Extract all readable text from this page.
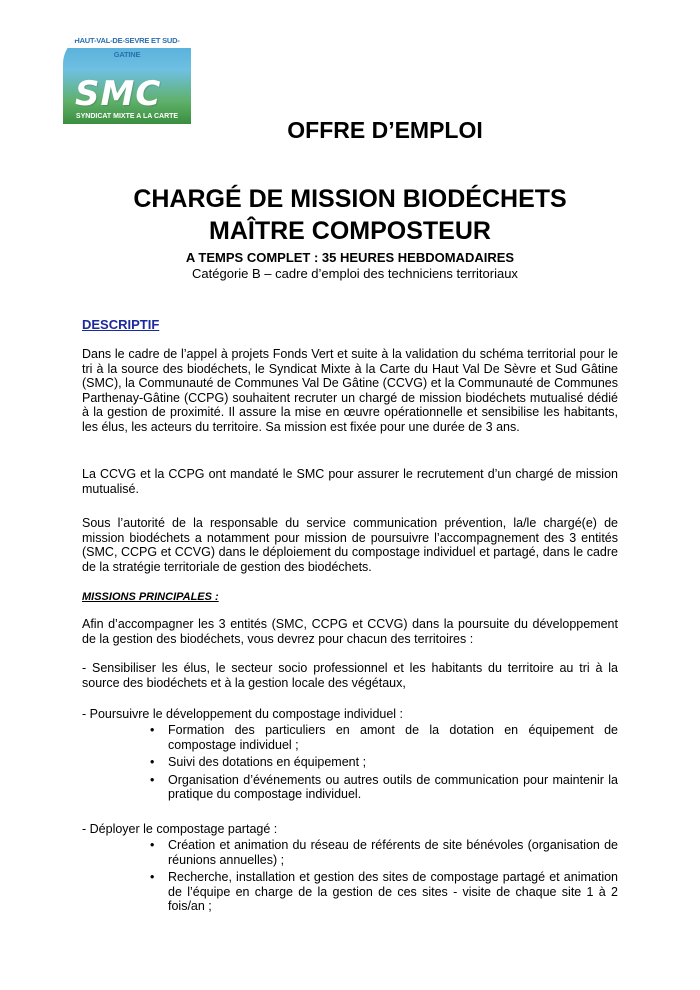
HAUT-VAL-DE-SEVRE ET SUD-GATINE
SMC
SYNDICAT MIXTE A LA CARTE
OFFRE D’EMPLOI
CHARGÉ DE MISSION BIODÉCHETS
MAÎTRE COMPOSTEUR
A TEMPS COMPLET : 35 HEURES HEBDOMADAIRES
Catégorie B – cadre d’emploi des techniciens territoriaux
DESCRIPTIF
Dans le cadre de l’appel à projets Fonds Vert et suite à la validation du schéma territorial pour le tri à la source des biodéchets, le Syndicat Mixte à la Carte du Haut Val De Sèvre et Sud Gâtine (SMC), la Communauté de Communes Val De Gâtine (CCVG) et la Communauté de Communes Parthenay-Gâtine (CCPG) souhaitent recruter un chargé de mission biodéchets mutualisé dédié à la gestion de proximité. Il assure la mise en œuvre opérationnelle et sensibilise les habitants, les élus, les acteurs du territoire. Sa mission est fixée pour une durée de 3 ans.
La CCVG et la CCPG ont mandaté le SMC pour assurer le recrutement d’un chargé de mission mutualisé.
Sous l’autorité de la responsable du service communication prévention, la/le chargé(e) de mission biodéchets a notamment pour mission de poursuivre l’accompagnement des 3 entités (SMC, CCPG et CCVG) dans le déploiement du compostage individuel et partagé, dans le cadre de la stratégie territoriale de gestion des biodéchets.
MISSIONS PRINCIPALES :
Afin d’accompagner les 3 entités (SMC, CCPG et CCVG) dans la poursuite du développement de la gestion des biodéchets, vous devrez pour chacun des territoires :
- Sensibiliser les élus, le secteur socio professionnel et les habitants du territoire au tri à la source des biodéchets et à la gestion locale des végétaux,
- Poursuivre le développement du compostage individuel :
• Formation des particuliers en amont de la dotation en équipement de compostage individuel ;
• Suivi des dotations en équipement ;
• Organisation d’événements ou autres outils de communication pour maintenir la pratique du compostage individuel.
- Déployer le compostage partagé :
• Création et animation du réseau de référents de site bénévoles (organisation de réunions annuelles) ;
• Recherche, installation et gestion des sites de compostage partagé et animation de l’équipe en charge de la gestion de ces sites - visite de chaque site 1 à 2 fois/an ;
